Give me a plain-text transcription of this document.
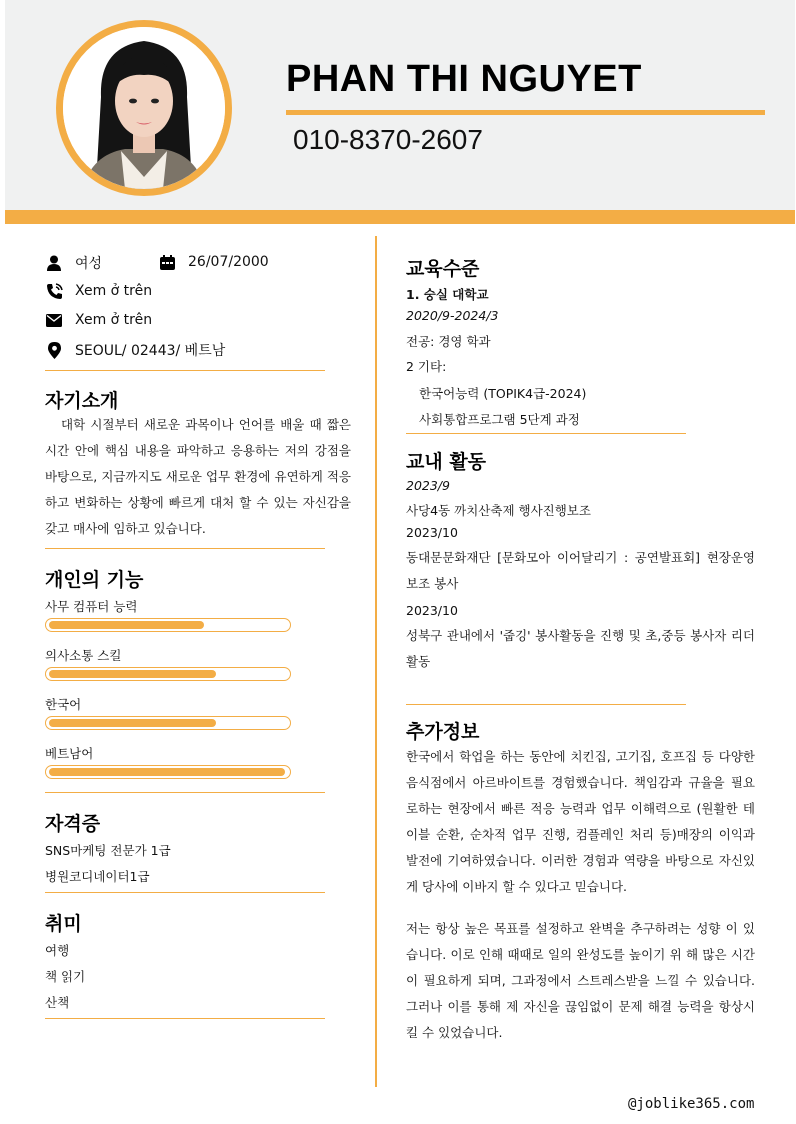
PHAN THI NGUYET
010-8370-2607
여성	26/07/2000
Xem ở trên
Xem ở trên
SEOUL/ 02443/ 베트남
자기소개
대학 시절부터 새로운 과목이나 언어를 배울 때 짧은 시간 안에 핵심 내용을 파악하고 응용하는 저의 강점을 바탕으로, 지금까지도 새로운 업무 환경에 유연하게 적응하고 변화하는 상황에 빠르게 대처 할 수 있는 자신감을 갖고 매사에 임하고 있습니다.
개인의 기능
사무 컴퓨터 능력
의사소통 스킬
한국어
베트남어
자격증
SNS마케팅 전문가 1급
병원코디네이터1급
취미
여행
책 읽기
산책
교육수준
1. 숭실 대학교
2020/9-2024/3
전공: 경영 학과
2 기타:
한국어능력 (TOPIK4급-2024)
사회통합프로그램 5단계 과정
교내 활동
2023/9
사당4동 까치산축제 행사진행보조
2023/10
동대문문화재단 [문화모아 이어달리기 : 공연발표회] 현장운영 보조 봉사
2023/10
성북구 관내에서 '줍깅' 봉사활동을 진행 및 초,중등 봉사자 리더 활동
추가정보
한국에서 학업을 하는 동안에 치킨집, 고기집, 호프집 등 다양한 음식점에서 아르바이트를 경험했습니다. 책임감과 규율을 필요로하는 현장에서 빠른 적응 능력과 업무 이해력으로 (원활한 테이블 순환, 순차적 업무 진행, 컴플레인 처리 등)매장의 이익과 발전에 기여하였습니다. 이러한 경험과 역량을 바탕으로 자신있게 당사에 이바지 할 수 있다고 믿습니다.
저는 항상 높은 목표를 설정하고 완벽을 추구하려는 성향 이 있습니다. 이로 인해 때때로 일의 완성도를 높이기 위 해 많은 시간이 필요하게 되며, 그과정에서 스트레스받을 느낄 수 있습니다. 그러나 이를 통해 제 자신을 끊임없이 문제 해결 능력을 항상시킬 수 있었습니다.
@joblike365.com
